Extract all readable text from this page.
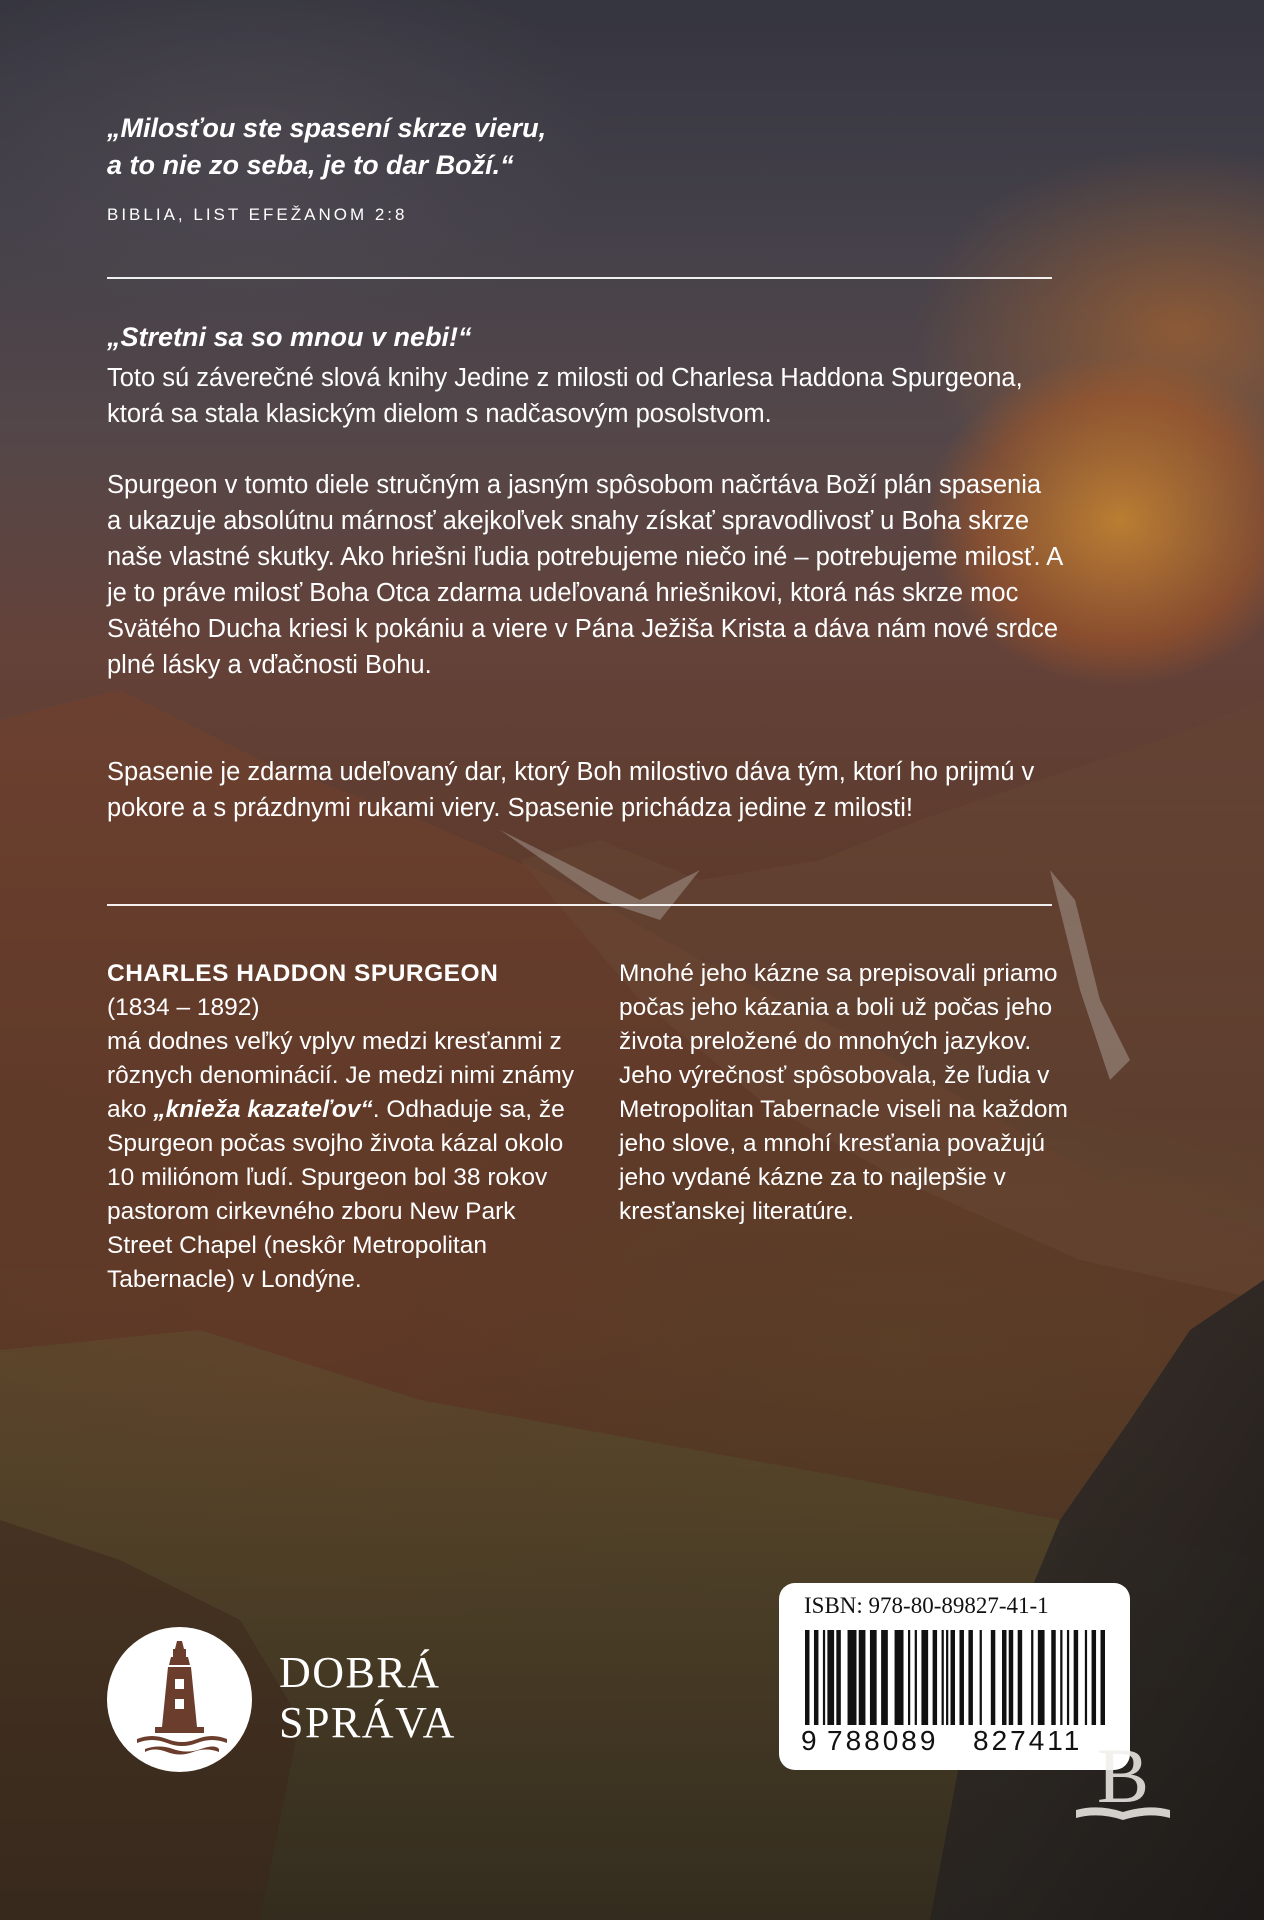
„Milosťou ste spasení skrze vieru,
a to nie zo seba, je to dar Boží.“
BIBLIA, LIST EFEŽANOM 2:8
„Stretni sa so mnou v nebi!“
Toto sú záverečné slová knihy Jedine z milosti od Charlesa Haddona Spurgeona, ktorá sa stala klasickým dielom s nadčasovým posolstvom.
Spurgeon v tomto diele stručným a jasným spôsobom načrtáva Boží plán spasenia a ukazuje absolútnu márnosť akejkoľvek snahy získať spravodlivosť u Boha skrze naše vlastné skutky. Ako hriešni ľudia potrebujeme niečo iné – potrebujeme milosť. A je to práve milosť Boha Otca zdarma udeľovaná hriešnikovi, ktorá nás skrze moc Svätého Ducha kriesi k pokániu a viere v Pána Ježiša Krista a dáva nám nové srdce plné lásky a vďačnosti Bohu.
Spasenie je zdarma udeľovaný dar, ktorý Boh milostivo dáva tým, ktorí ho prijmú v pokore a s prázdnymi rukami viery. Spasenie prichádza jedine z milosti!
CHARLES HADDON SPURGEON
(1834 – 1892)
má dodnes veľký vplyv medzi kresťanmi z rôznych denominácií. Je medzi nimi známy ako „knieža kazateľov“. Odhaduje sa, že Spurgeon počas svojho života kázal okolo 10 miliónom ľudí. Spurgeon bol 38 rokov pastorom cirkevného zboru New Park Street Chapel (neskôr Metropolitan Tabernacle) v Londýne.
Mnohé jeho kázne sa prepisovali priamo počas jeho kázania a boli už počas jeho života preložené do mnohých jazykov. Jeho výrečnosť spôsobovala, že ľudia v Metropolitan Tabernacle viseli na každom jeho slove, a mnohí kresťania považujú jeho vydané kázne za to najlepšie v kresťanskej literatúre.
DOBRÁ
SPRÁVA
ISBN: 978-80-89827-41-1
9 788089 827411 B
